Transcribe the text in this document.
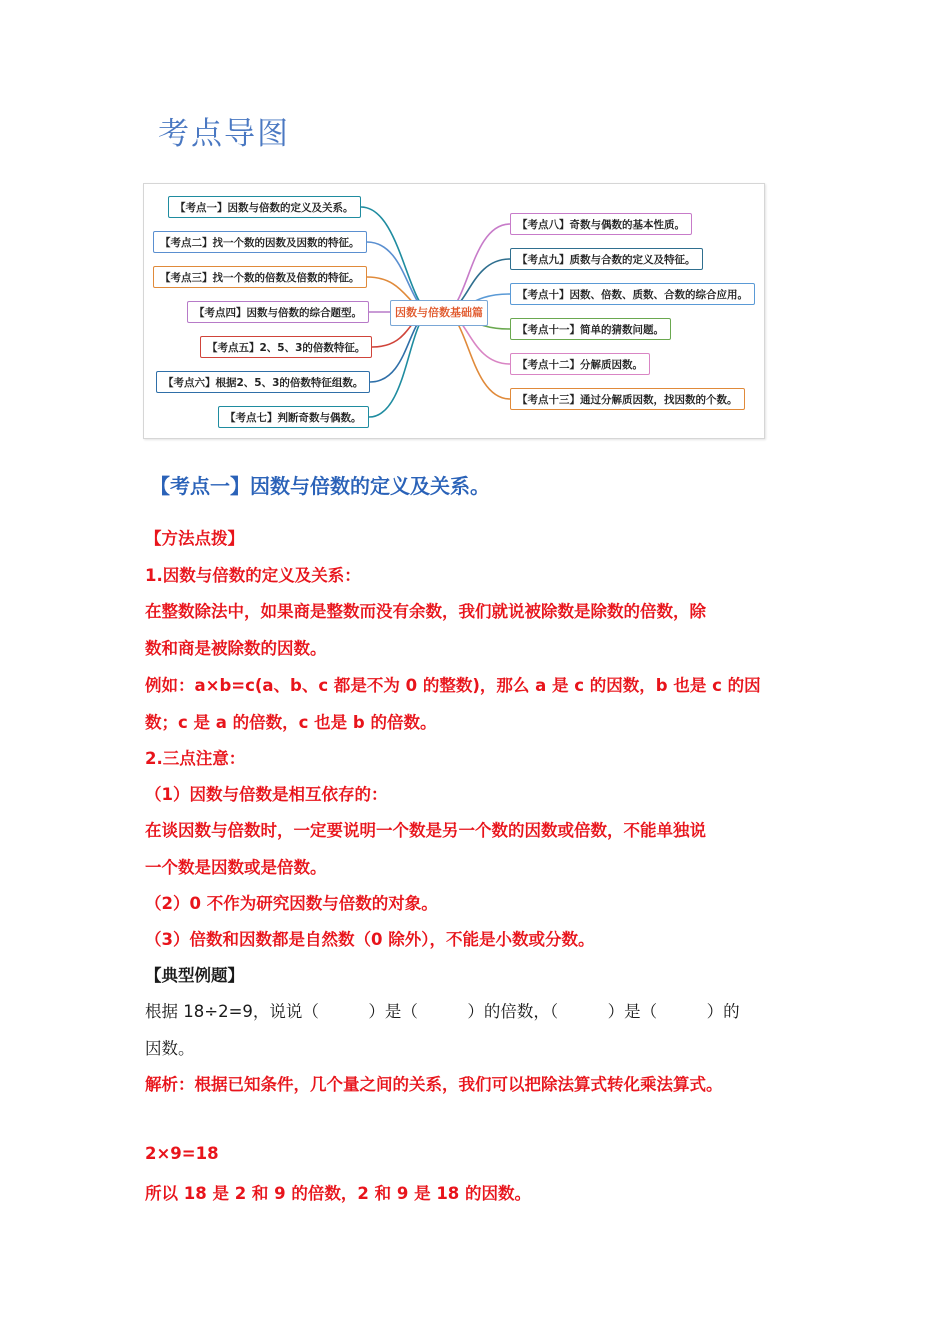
考点导图
因数与倍数基础篇
【考点一】因数与倍数的定义及关系。
【考点二】找一个数的因数及因数的特征。
【考点三】找一个数的倍数及倍数的特征。
【考点四】因数与倍数的综合题型。
【考点五】2、5、3的倍数特征。
【考点六】根据2、5、3的倍数特征组数。
【考点七】判断奇数与偶数。
【考点八】奇数与偶数的基本性质。
【考点九】质数与合数的定义及特征。
【考点十】因数、倍数、质数、合数的综合应用。
【考点十一】简单的猜数问题。
【考点十二】分解质因数。
【考点十三】通过分解质因数，找因数的个数。
【考点一】因数与倍数的定义及关系。
【方法点拨】
1.因数与倍数的定义及关系：
在整数除法中，如果商是整数而没有余数，我们就说被除数是除数的倍数，除
数和商是被除数的因数。
例如：a×b=c(a、b、c 都是不为 0 的整数)，那么 a 是 c 的因数，b 也是 c 的因
数；c 是 a 的倍数，c 也是 b 的倍数。
2.三点注意：
（1）因数与倍数是相互依存的：
在谈因数与倍数时，一定要说明一个数是另一个数的因数或倍数，不能单独说
一个数是因数或是倍数。
（2）0 不作为研究因数与倍数的对象。
（3）倍数和因数都是自然数（0 除外），不能是小数或分数。
【典型例题】
根据 18÷2=9，说说（　　　）是（　　　）的倍数，（　　　）是（　　　）的
因数。
解析：根据已知条件，几个量之间的关系，我们可以把除法算式转化乘法算式。
2×9=18
所以 18 是 2 和 9 的倍数，2 和 9 是 18 的因数。
